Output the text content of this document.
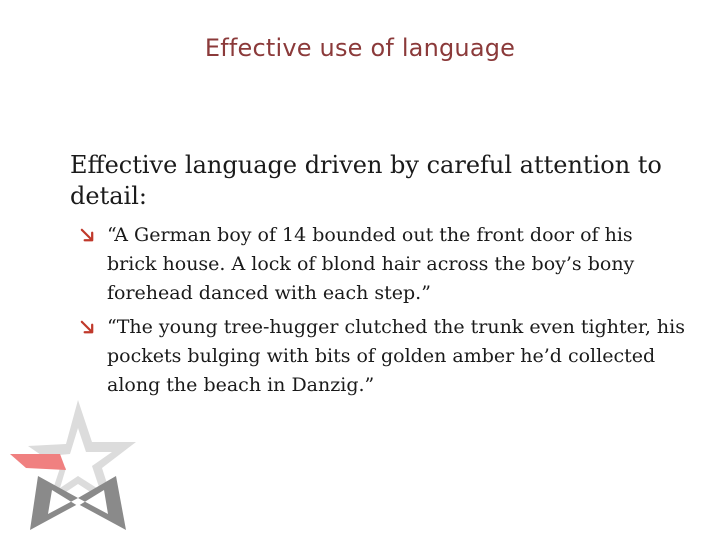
Effective use of language

Effective language driven by careful attention to detail:

“A German boy of 14 bounded out the front door of his brick house. A lock of blond hair across the boy’s bony forehead danced with each step.”
“The young tree-hugger clutched the trunk even tighter, his pockets bulging with bits of golden amber he’d collected along the beach in Danzig.”
